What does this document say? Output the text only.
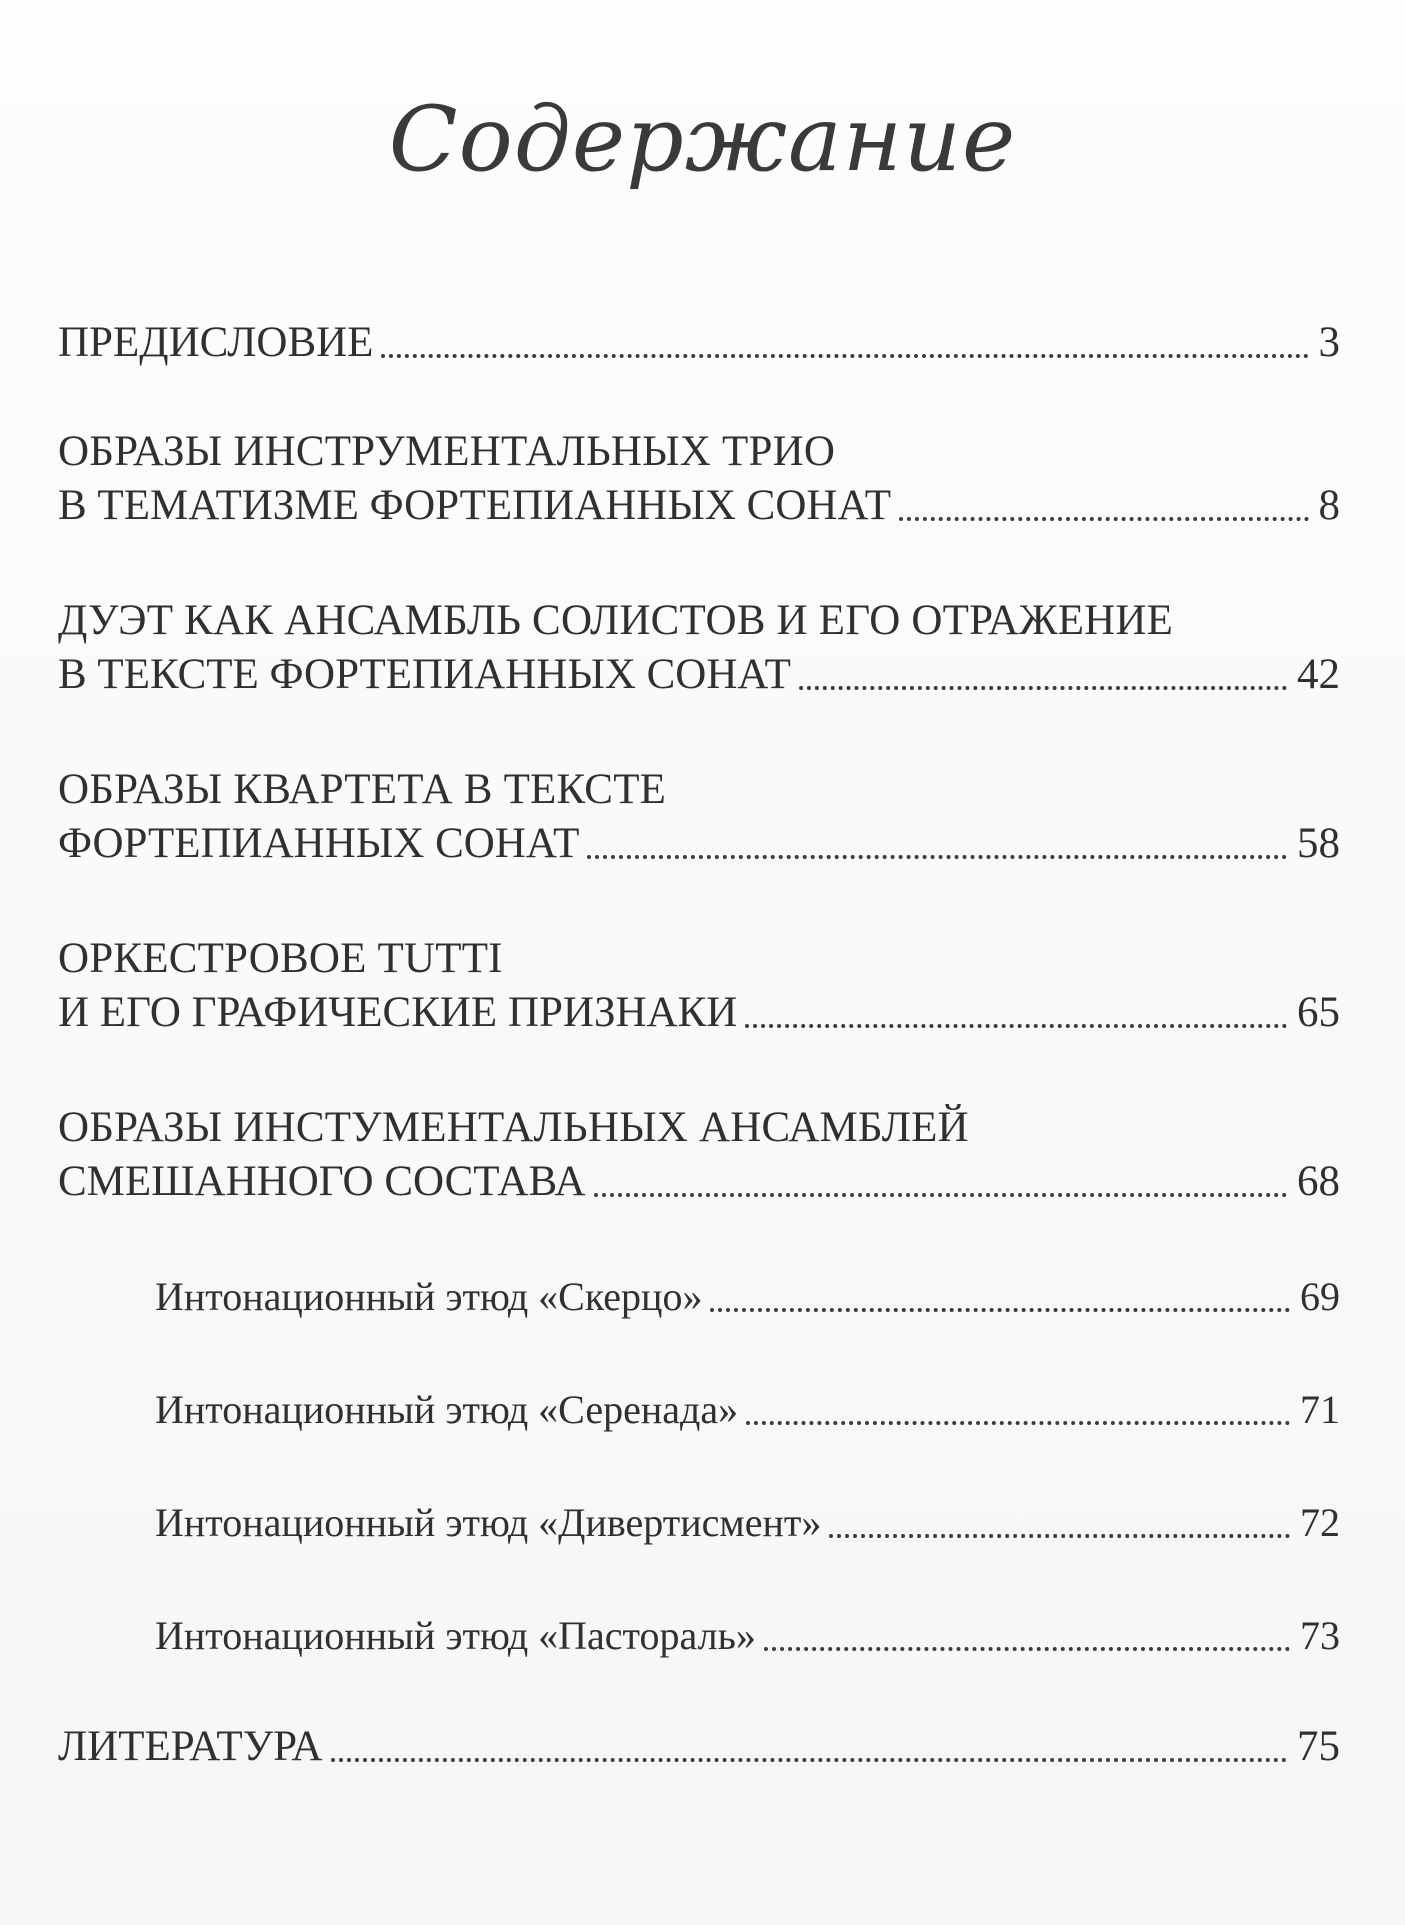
Содержание
ПРЕДИСЛОВИЕ	3
ОБРАЗЫ ИНСТРУМЕНТАЛЬНЫХ ТРИО
В ТЕМАТИЗМЕ ФОРТЕПИАННЫХ СОНАТ	8
ДУЭТ КАК АНСАМБЛЬ СОЛИСТОВ И ЕГО ОТРАЖЕНИЕ
В ТЕКСТЕ ФОРТЕПИАННЫХ СОНАТ	42
ОБРАЗЫ КВАРТЕТА В ТЕКСТЕ
ФОРТЕПИАННЫХ СОНАТ	58
ОРКЕСТРОВОЕ TUTTI
И ЕГО ГРАФИЧЕСКИЕ ПРИЗНАКИ	65
ОБРАЗЫ ИНСТУМЕНТАЛЬНЫХ АНСАМБЛЕЙ
СМЕШАННОГО СОСТАВА	68
Интонационный этюд «Скерцо»	69
Интонационный этюд «Серенада»	71
Интонационный этюд «Дивертисмент»	72
Интонационный этюд «Пастораль»	73
ЛИТЕРАТУРА	75
